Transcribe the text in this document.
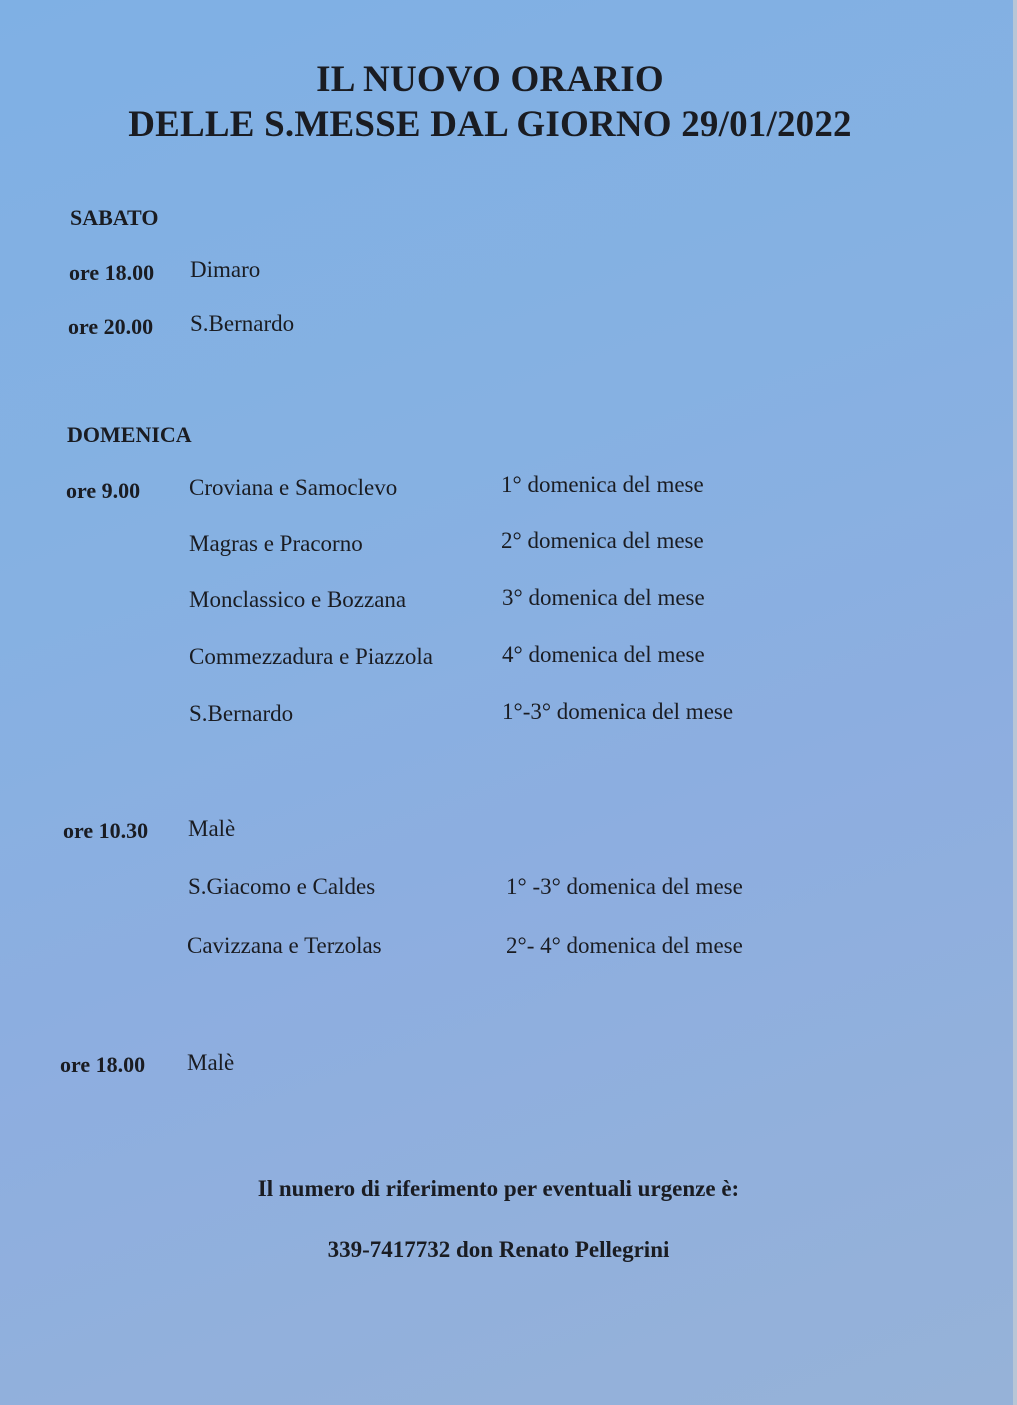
IL NUOVO ORARIO
DELLE S.MESSE DAL GIORNO 29/01/2022
SABATO
ore 18.00 Dimaro
ore 20.00 S.Bernardo
DOMENICA
ore 9.00 Croviana e Samoclevo	1° domenica del mese
Magras e Pracorno	2° domenica del mese
Monclassico e Bozzana	3° domenica del mese
Commezzadura e Piazzola	4° domenica del mese
S.Bernardo	1°-3° domenica del mese
ore 10.30 Malè
S.Giacomo e Caldes	1° -3° domenica del mese
Cavizzana e Terzolas	2°- 4° domenica del mese
ore 18.00 Malè
Il numero di riferimento per eventuali urgenze è:
339-7417732 don Renato Pellegrini
